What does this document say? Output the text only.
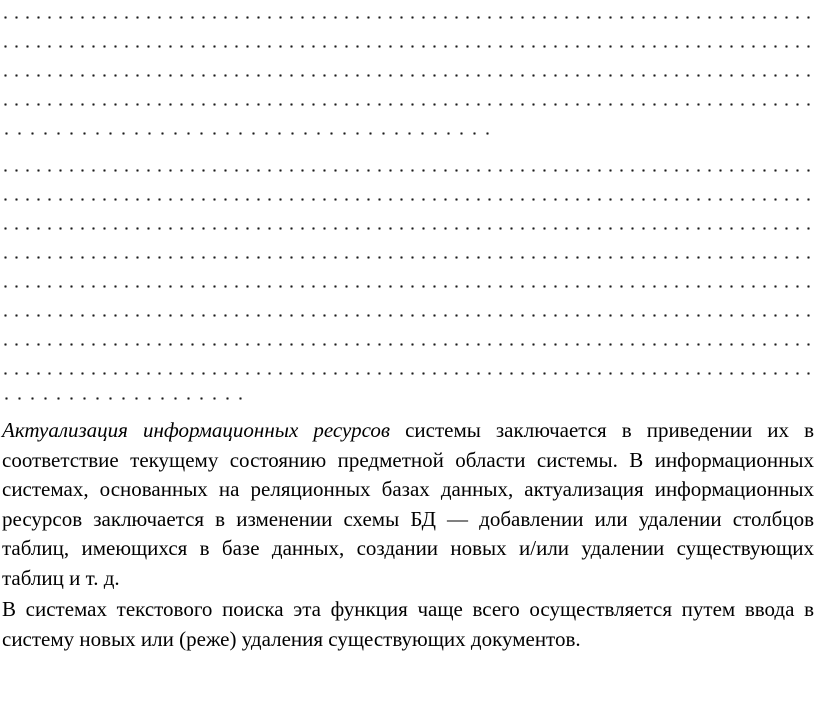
Актуализация информационных ресурсов системы заключается в приведении их в соответствие текущему состоянию предметной области системы. В информационных системах, основанных на реляционных базах данных, актуализация информационных ресурсов заключается в изменении схемы БД — добавлении или удалении столбцов таблиц, имеющихся в базе данных, создании новых и/или удалении существующих таблиц и т. д.

В системах текстового поиска эта функция чаще всего осуществляется путем ввода в систему новых или (реже) удаления существующих документов.
